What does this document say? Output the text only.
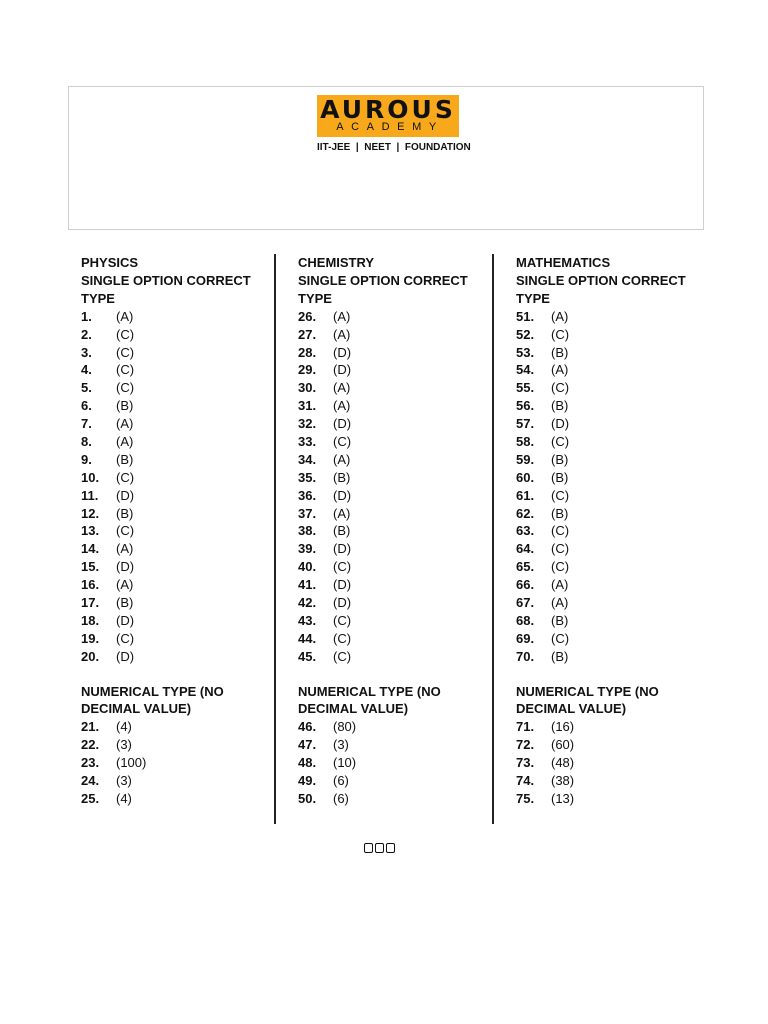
AUROUS
ACADEMY
IIT-JEE  |  NEET  |  FOUNDATION
PHYSICS
SINGLE OPTION CORRECT
TYPE
1.	(A)
2.	(C)
3.	(C)
4.	(C)
5.	(C)
6.	(B)
7.	(A)
8.	(A)
9.	(B)
10.	(C)
11.	(D)
12.	(B)
13.	(C)
14.	(A)
15.	(D)
16.	(A)
17.	(B)
18.	(D)
19.	(C)
20.	(D)
NUMERICAL TYPE (NO
DECIMAL VALUE)
21.	(4)
22.	(3)
23.	(100)
24.	(3)
25.	(4)
CHEMISTRY
SINGLE OPTION CORRECT
TYPE
26.	(A)
27.	(A)
28.	(D)
29.	(D)
30.	(A)
31.	(A)
32.	(D)
33.	(C)
34.	(A)
35.	(B)
36.	(D)
37.	(A)
38.	(B)
39.	(D)
40.	(C)
41.	(D)
42.	(D)
43.	(C)
44.	(C)
45.	(C)
NUMERICAL TYPE (NO
DECIMAL VALUE)
46.	(80)
47.	(3)
48.	(10)
49.	(6)
50.	(6)
MATHEMATICS
SINGLE OPTION CORRECT
TYPE
51.	(A)
52.	(C)
53.	(B)
54.	(A)
55.	(C)
56.	(B)
57.	(D)
58.	(C)
59.	(B)
60.	(B)
61.	(C)
62.	(B)
63.	(C)
64.	(C)
65.	(C)
66.	(A)
67.	(A)
68.	(B)
69.	(C)
70.	(B)
NUMERICAL TYPE (NO
DECIMAL VALUE)
71.	(16)
72.	(60)
73.	(48)
74.	(38)
75.	(13)
